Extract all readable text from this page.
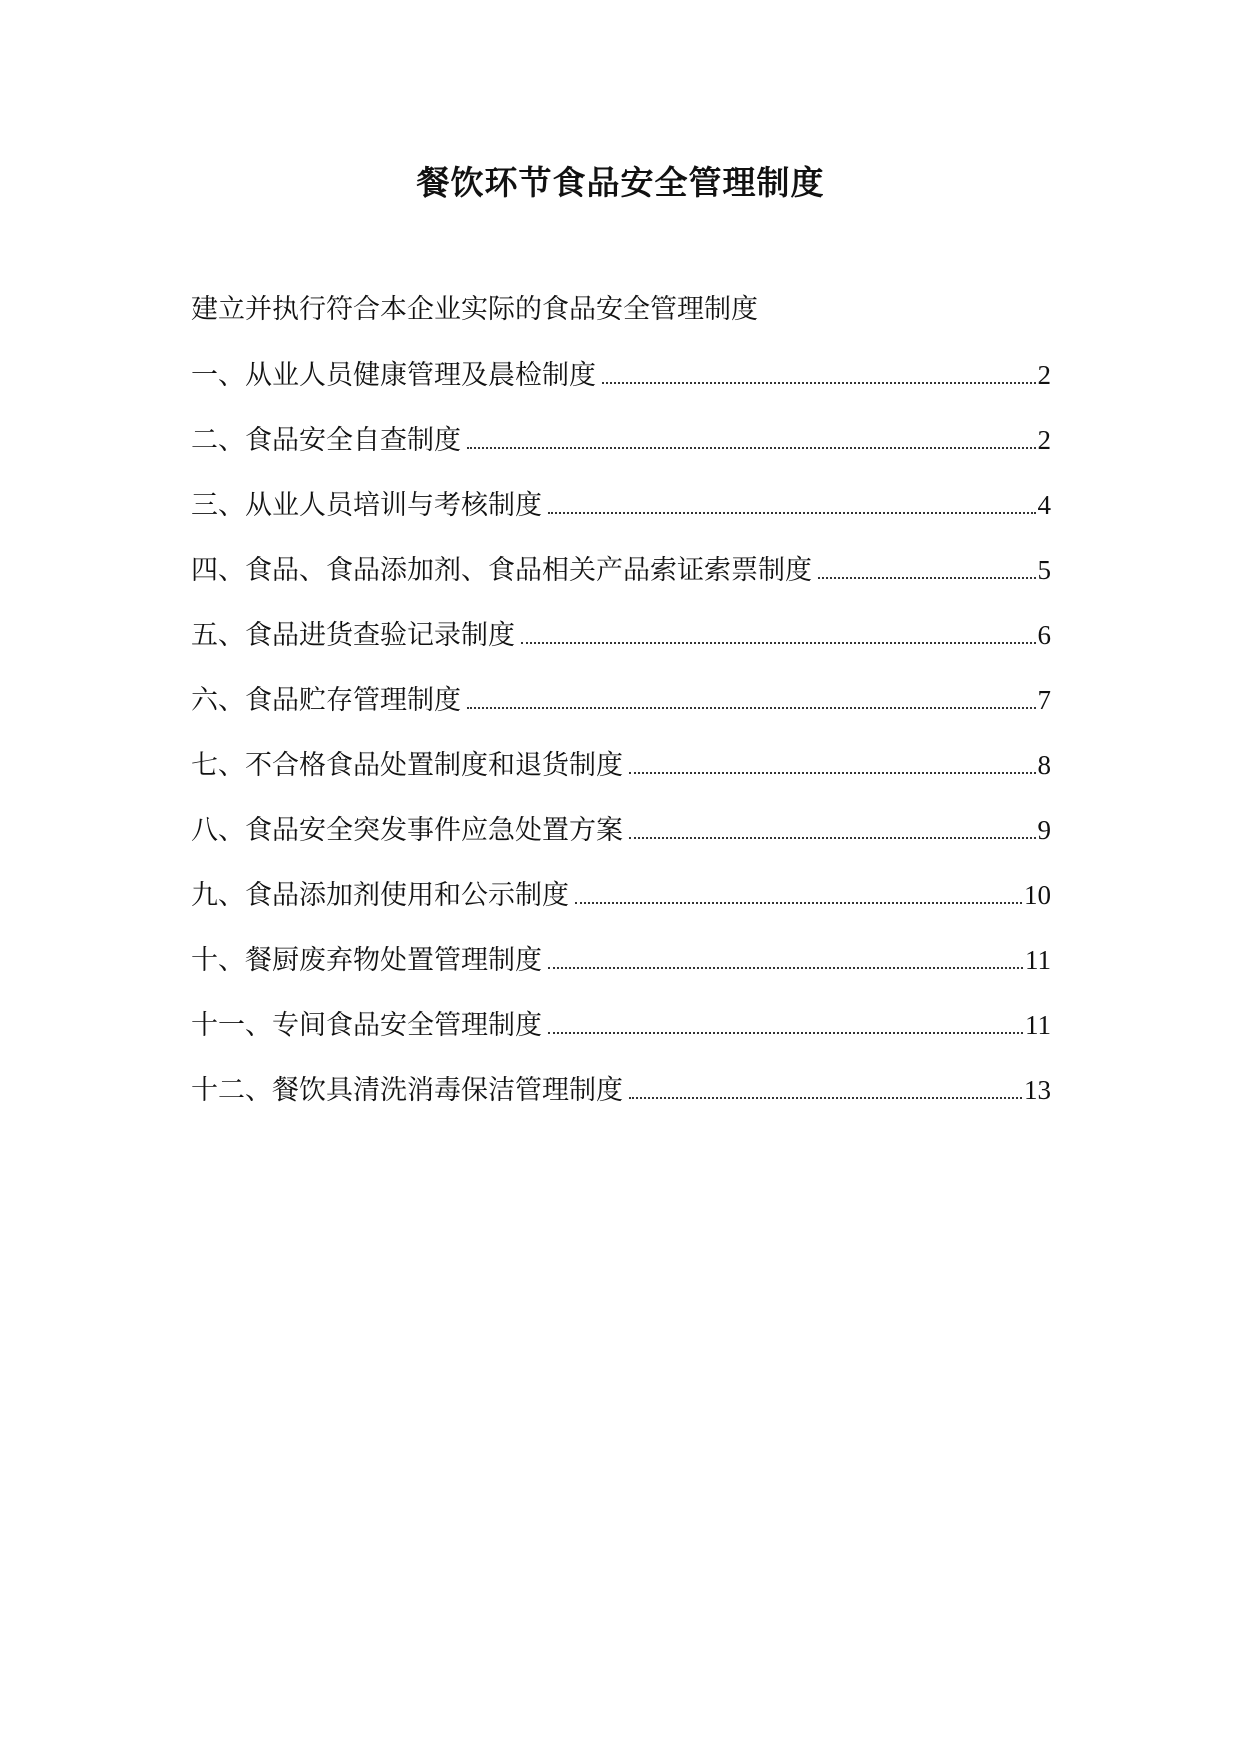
餐饮环节食品安全管理制度

建立并执行符合本企业实际的食品安全管理制度

一、从业人员健康管理及晨检制度	2
二、食品安全自查制度	2
三、从业人员培训与考核制度	4
四、食品、食品添加剂、食品相关产品索证索票制度	5
五、食品进货查验记录制度	6
六、食品贮存管理制度	7
七、不合格食品处置制度和退货制度	8
八、食品安全突发事件应急处置方案	9
九、食品添加剂使用和公示制度	10
十、餐厨废弃物处置管理制度	11
十一、专间食品安全管理制度	11
十二、餐饮具清洗消毒保洁管理制度	13
